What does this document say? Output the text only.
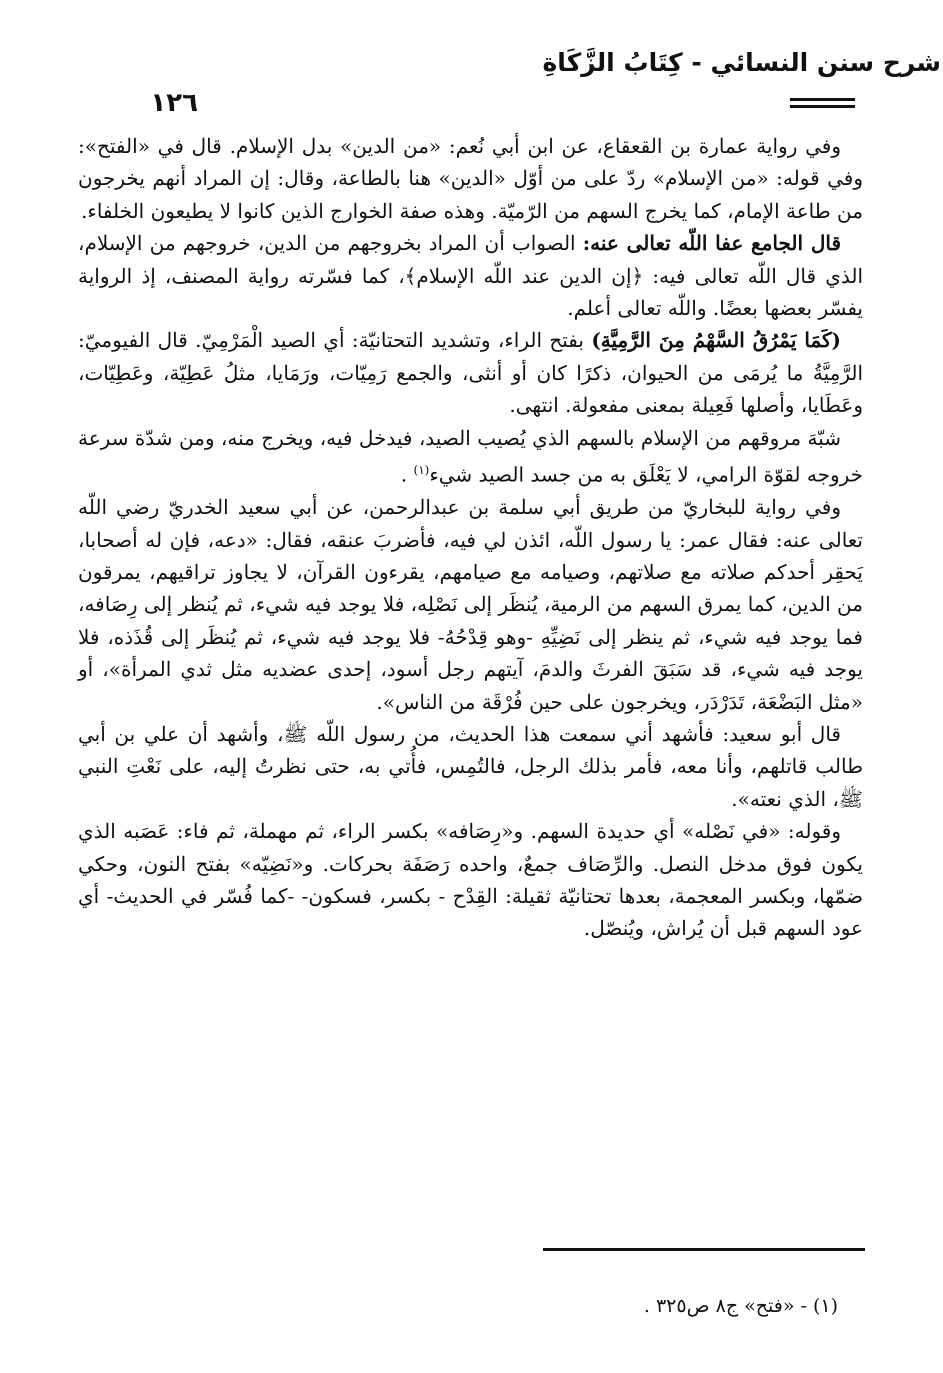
شرح سنن النسائي - كِتَابُ الزَّكَاةِ
١٢٦

وفي رواية عمارة بن القعقاع، عن ابن أبي نُعم: «من الدين» بدل الإسلام. قال في «الفتح»: وفي قوله: «من الإسلام» ردّ على من أوّل «الدين» هنا بالطاعة، وقال: إن المراد أنهم يخرجون من طاعة الإمام، كما يخرج السهم من الرّميّة. وهذه صفة الخوارج الذين كانوا لا يطيعون الخلفاء.

قال الجامع عفا اللّه تعالى عنه: الصواب أن المراد بخروجهم من الدين، خروجهم من الإسلام، الذي قال اللّه تعالى فيه: ﴿إن الدين عند اللّه الإسلام﴾، كما فسّرته رواية المصنف، إذ الرواية يفسّر بعضها بعضًا. واللّه تعالى أعلم.

(كَمَا يَمْرُقُ السَّهْمُ مِنَ الرَّمِيَّةِ) بفتح الراء، وتشديد التحتانيّة: أي الصيد الْمَرْمِيّ. قال الفيوميّ: الرَّمِيَّةُ ما يُرمَى من الحيوان، ذكرًا كان أو أنثى، والجمع رَمِيّات، ورَمَايا، مثلُ عَطِيّة، وعَطِيّات، وعَطَايا، وأصلها فَعِيلة بمعنى مفعولة. انتهى.

شبّهَ مروقهم من الإسلام بالسهم الذي يُصيب الصيد، فيدخل فيه، ويخرج منه، ومن شدّة سرعة خروجه لقوّة الرامي، لا يَعْلَق به من جسد الصيد شيء$^{(١)}$ .

وفي رواية للبخاريّ من طريق أبي سلمة بن عبدالرحمن، عن أبي سعيد الخدريّ رضي اللّه تعالى عنه: فقال عمر: يا رسول اللّه، ائذن لي فيه، فأضربَ عنقه، فقال: «دعه، فإن له أصحابا، يَحقِر أحدكم صلاته مع صلاتهم، وصيامه مع صيامهم، يقرءون القرآن، لا يجاوز تراقيهم، يمرقون من الدين، كما يمرق السهم من الرمية، يُنظَر إلى نَصْلِه، فلا يوجد فيه شيء، ثم يُنظر إلى رِصَافه، فما يوجد فيه شيء، ثم ينظر إلى نَضِيِّهِ -وهو قِدْحُهُ- فلا يوجد فيه شيء، ثم يُنظَر إلى قُذَذه، فلا يوجد فيه شيء، قد سَبَقَ الفرثَ والدمَ، آيتهم رجل أسود، إحدى عضديه مثل ثدي المرأة»، أو «مثل البَضْعَة، تَدَرْدَر، ويخرجون على حين فُرْقَة من الناس».

قال أبو سعيد: فأشهد أني سمعت هذا الحديث، من رسول اللّه ﷺ، وأشهد أن علي بن أبي طالب قاتلهم، وأنا معه، فأمر بذلك الرجل، فالتُمِس، فأُتي به، حتى نظرتُ إليه، على نَعْتِ النبي ﷺ، الذي نعته».

وقوله: «في نَصْله» أي حديدة السهم. و«رِصَافه» بكسر الراء، ثم مهملة، ثم فاء: عَصَبه الذي يكون فوق مدخل النصل. والرِّصَاف جمعٌ، واحده رَصَفَة بحركات. و«نَضِيّه» بفتح النون، وحكي ضمّها، وبكسر المعجمة، بعدها تحتانيّة ثقيلة: القِدْح - بكسر، فسكون- -كما فُسّر في الحديث- أي عود السهم قبل أن يُراش، ويُنصّل.

(١) - «فتح» ج٨ ص٣٢٥ .
